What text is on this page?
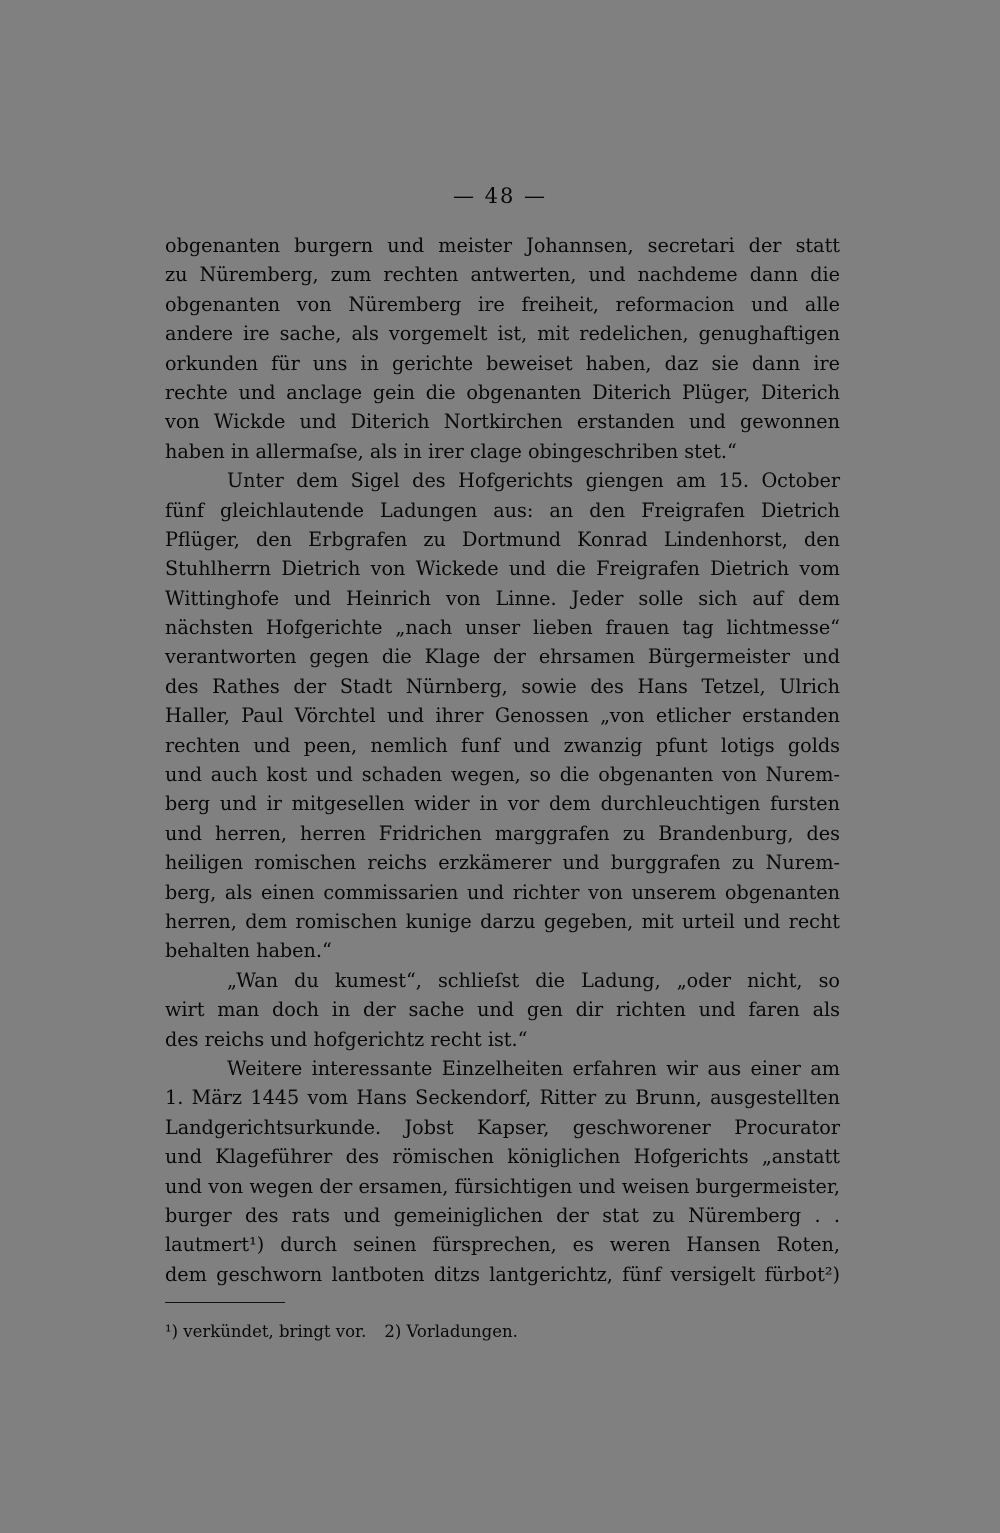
— 48 —
obgenanten burgern und meister Johannsen, secretari der statt
zu Nüremberg, zum rechten antwerten, und nachdeme dann die
obgenanten von Nüremberg ire freiheit, reformacion und alle
andere ire sache, als vorgemelt ist, mit redelichen, genughaftigen
orkunden für uns in gerichte beweiset haben, daz sie dann ire
rechte und anclage gein die obgenanten Diterich Plüger, Diterich
von Wickde und Diterich Nortkirchen erstanden und gewonnen
haben in allermaſse, als in irer clage obingeschriben stet.“
Unter dem Sigel des Hofgerichts giengen am 15. October
fünf gleichlautende Ladungen aus: an den Freigrafen Dietrich
Pflüger, den Erbgrafen zu Dortmund Konrad Lindenhorst, den
Stuhlherrn Dietrich von Wickede und die Freigrafen Dietrich vom
Wittinghofe und Heinrich von Linne. Jeder solle sich auf dem
nächsten Hofgerichte „nach unser lieben frauen tag lichtmesse“
verantworten gegen die Klage der ehrsamen Bürgermeister und
des Rathes der Stadt Nürnberg, sowie des Hans Tetzel, Ulrich
Haller, Paul Vörchtel und ihrer Genossen „von etlicher erstanden
rechten und peen, nemlich funf und zwanzig pfunt lotigs golds
und auch kost und schaden wegen, so die obgenanten von Nurem-
berg und ir mitgesellen wider in vor dem durchleuchtigen fursten
und herren, herren Fridrichen marggrafen zu Brandenburg, des
heiligen romischen reichs erzkämerer und burggrafen zu Nurem-
berg, als einen commissarien und richter von unserem obgenanten
herren, dem romischen kunige darzu gegeben, mit urteil und recht
behalten haben.“
„Wan du kumest“, schlieſst die Ladung, „oder nicht, so
wirt man doch in der sache und gen dir richten und faren als
des reichs und hofgerichtz recht ist.“
Weitere interessante Einzelheiten erfahren wir aus einer am
1. März 1445 vom Hans Seckendorf, Ritter zu Brunn, ausgestellten
Landgerichtsurkunde. Jobst Kapser, geschworener Procurator
und Klageführer des römischen königlichen Hofgerichts „anstatt
und von wegen der ersamen, fürsichtigen und weisen burgermeister,
burger des rats und gemeiniglichen der stat zu Nüremberg . .
lautmert¹) durch seinen fürsprechen, es weren Hansen Roten,
dem geschworn lantboten ditzs lantgerichtz, fünf versigelt fürbot²)
¹) verkündet, bringt vor. 2) Vorladungen.
